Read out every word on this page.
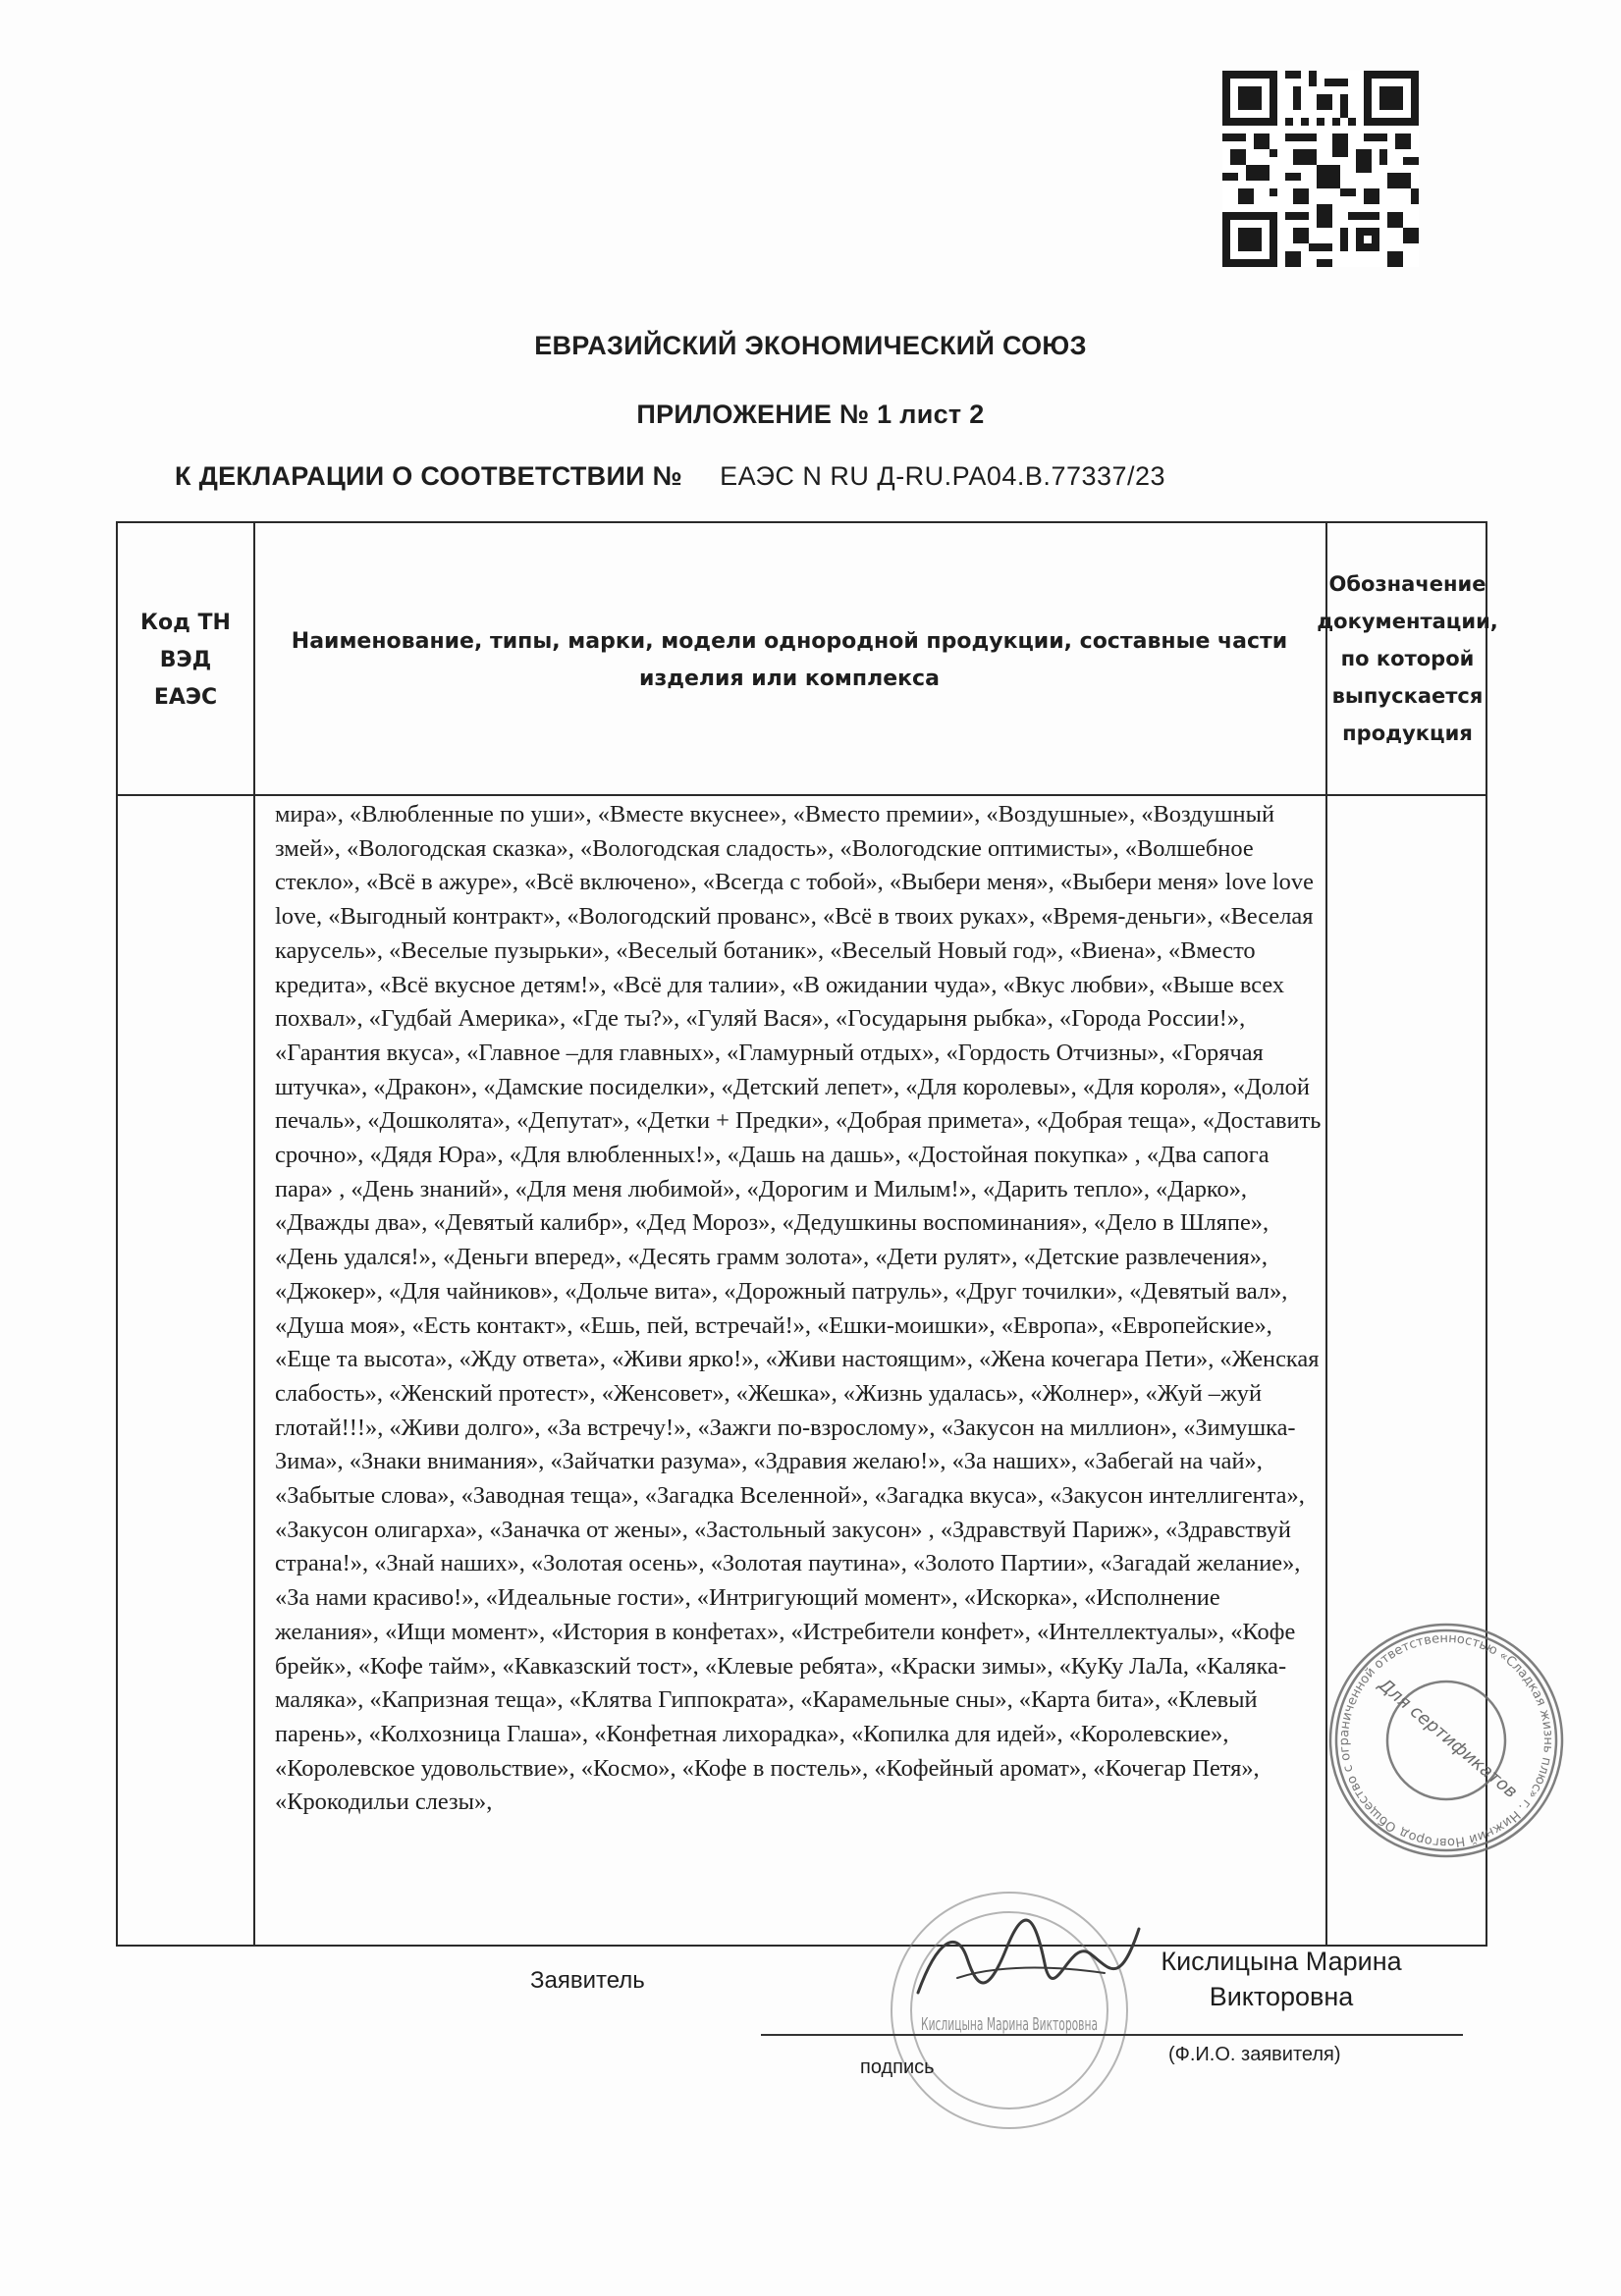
ЕВРАЗИЙСКИЙ ЭКОНОМИЧЕСКИЙ СОЮЗ
ПРИЛОЖЕНИЕ № 1 лист 2
К ДЕКЛАРАЦИИ О СООТВЕТСТВИИ № ЕАЭС N RU Д-RU.РА04.В.77337/23
Код ТН
ВЭД
ЕАЭС
Наименование, типы, марки, модели однородной продукции, составные части изделия или комплекса
Обозначение
документации,
по которой
выпускается
продукция
мира», «Влюбленные по уши», «Вместе вкуснее», «Вместо премии», «Воздушные», «Воздушный змей», «Вологодская сказка», «Вологодская сладость», «Вологодские оптимисты», «Волшебное стекло», «Всё в ажуре», «Всё включено», «Всегда с тобой», «Выбери меня», «Выбери меня» love love love, «Выгодный контракт», «Вологодский прованс», «Всё в твоих руках», «Время-деньги», «Веселая карусель», «Веселые пузырьки», «Веселый ботаник», «Веселый Новый год», «Виена», «Вместо кредита», «Всё вкусное детям!», «Всё для талии», «В ожидании чуда», «Вкус любви», «Выше всех похвал», «Гудбай Америка», «Где ты?», «Гуляй Вася», «Государыня рыбка», «Города России!», «Гарантия вкуса», «Главное –для главных», «Гламурный отдых», «Гордость Отчизны», «Горячая штучка», «Дракон», «Дамские посиделки», «Детский лепет», «Для королевы», «Для короля», «Долой печаль», «Дошколята», «Депутат», «Детки + Предки», «Добрая примета», «Добрая теща», «Доставить срочно», «Дядя Юра», «Для влюбленных!», «Дашь на дашь», «Достойная покупка» , «Два сапога пара» , «День знаний», «Для меня любимой», «Дорогим и Милым!», «Дарить тепло», «Дарко», «Дважды два», «Девятый калибр», «Дед Мороз», «Дедушкины воспоминания», «Дело в Шляпе», «День удался!», «Деньги вперед», «Десять грамм золота», «Дети рулят», «Детские развлечения», «Джокер», «Для чайников», «Дольче вита», «Дорожный патруль», «Друг точилки», «Девятый вал», «Душа моя», «Есть контакт», «Ешь, пей, встречай!», «Ешки-моишки», «Европа», «Европейские», «Еще та высота», «Жду ответа», «Живи ярко!», «Живи настоящим», «Жена кочегара Пети», «Женская слабость», «Женский протест», «Женсовет», «Жешка», «Жизнь удалась», «Жолнер», «Жуй –жуй глотай!!!», «Живи долго», «За встречу!», «Зажги по-взрослому», «Закусон на миллион», «Зимушка-Зима», «Знаки внимания», «Зайчатки разума», «Здравия желаю!», «За наших», «Забегай на чай», «Забытые слова», «Заводная теща», «Загадка Вселенной», «Загадка вкуса», «Закусон интеллигента», «Закусон олигарха», «Заначка от жены», «Застольный закусон» , «Здравствуй Париж», «Здравствуй страна!», «Знай наших», «Золотая осень», «Золотая паутина», «Золото Партии», «Загадай желание», «За нами красиво!», «Идеальные гости», «Интригующий момент», «Искорка», «Исполнение желания», «Ищи момент», «История в конфетах», «Истребители конфет», «Интеллектуалы», «Кофе брейк», «Кофе тайм», «Кавказский тост», «Клевые ребята», «Краски зимы», «КуКу ЛаЛа, «Каляка-маляка», «Капризная теща», «Клятва Гиппократа», «Карамельные сны», «Карта бита», «Клевый парень», «Колхозница Глаша», «Конфетная лихорадка», «Копилка для идей», «Королевские», «Королевское удовольствие», «Космо», «Кофе в постель», «Кофейный аромат», «Кочегар Петя», «Крокодильи слезы»,
Общество с ограниченной ответственностью «Сладкая жизнь плюс» г. Нижний Новгород
Для сертификатов
Кислицына Марина Викторовна
Заявитель
Кислицына Марина
Викторовна
подпись
(Ф.И.О. заявителя)
